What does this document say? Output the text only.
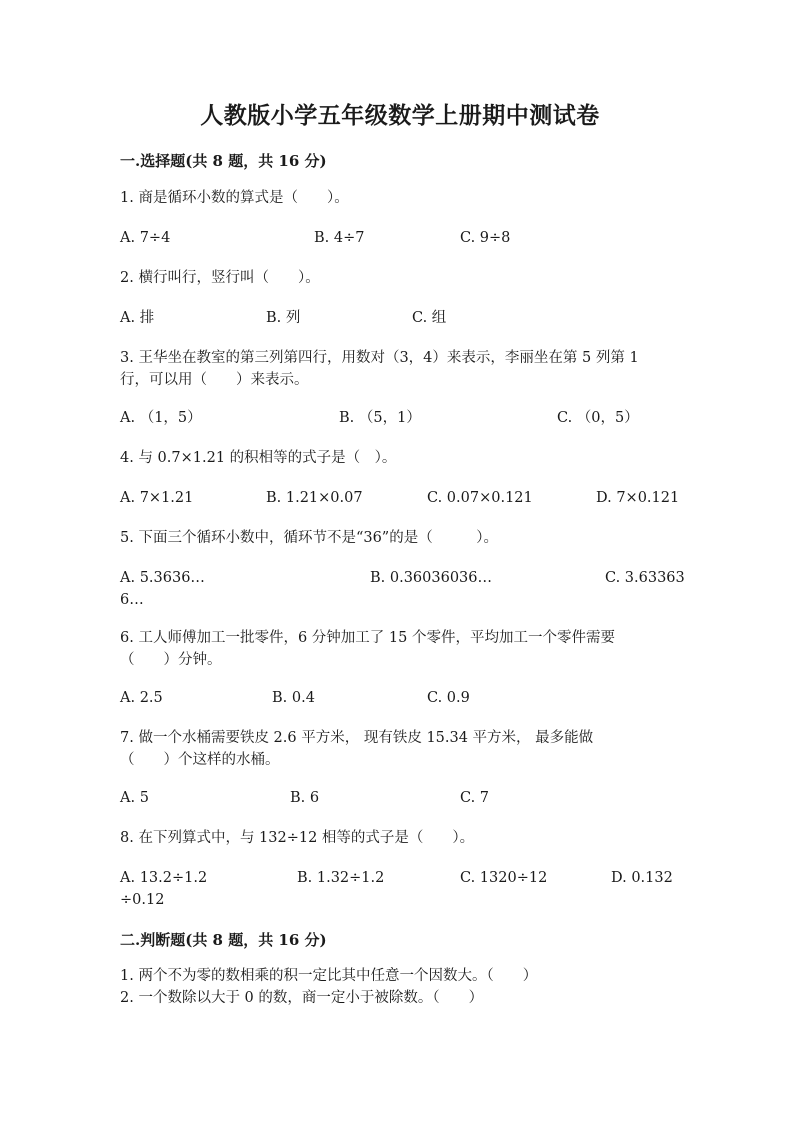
人教版小学五年级数学上册期中测试卷
一.选择题(共 8 题，共 16 分)
1. 商是循环小数的算式是（　　）。
A. 7÷4	B. 4÷7	C. 9÷8
2. 横行叫行，竖行叫（　　）。
A. 排	B. 列	C. 组
3. 王华坐在教室的第三列第四行，用数对（3，4）来表示，李丽坐在第 5 列第 1
行，可以用（　　）来表示。
A. （1，5）	B. （5，1）	C. （0，5）
4. 与 0.7×1.21 的积相等的式子是（　）。
A. 7×1.21	B. 1.21×0.07	C. 0.07×0.121	D. 7×0.121
5. 下面三个循环小数中，循环节不是“36”的是（　　　）。
A. 5.3636…	B. 0.36036036…	C. 3.63363
6…
6. 工人师傅加工一批零件，6 分钟加工了 15 个零件，平均加工一个零件需要
（　　）分钟。
A. 2.5	B. 0.4	C. 0.9
7. 做一个水桶需要铁皮 2.6 平方米， 现有铁皮 15.34 平方米， 最多能做
（　　）个这样的水桶。
A. 5	B. 6	C. 7
8. 在下列算式中，与 132÷12 相等的式子是（　　）。
A. 13.2÷1.2	B. 1.32÷1.2	C. 1320÷12	D. 0.132
÷0.12
二.判断题(共 8 题，共 16 分)
1. 两个不为零的数相乘的积一定比其中任意一个因数大。（　　）
2. 一个数除以大于 0 的数，商一定小于被除数。（　　）
